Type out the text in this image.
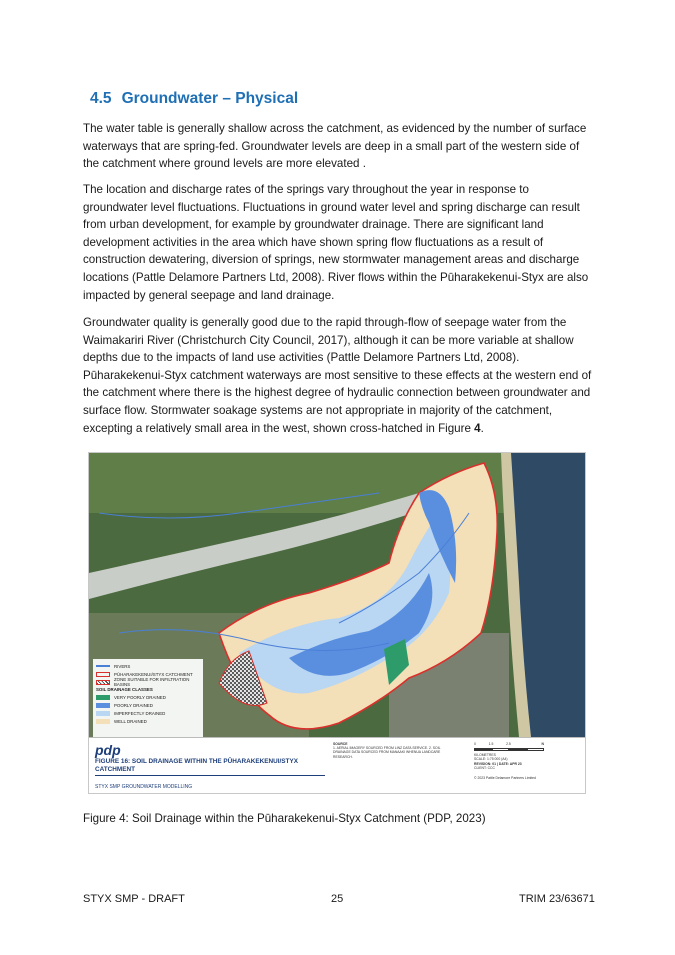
4.5 Groundwater – Physical

The water table is generally shallow across the catchment, as evidenced by the number of surface waterways that are spring-fed. Groundwater levels are deep in a small part of the western side of the catchment where ground levels are more elevated .

The location and discharge rates of the springs vary throughout the year in response to groundwater level fluctuations. Fluctuations in ground water level and spring discharge can result from urban development, for example by groundwater drainage. There are significant land development activities in the area which have shown spring flow fluctuations as a result of construction dewatering, diversion of springs, new stormwater management areas and discharge locations (Pattle Delamore Partners Ltd, 2008). River flows within the Pūharakekenui-Styx are also impacted by general seepage and land drainage.

Groundwater quality is generally good due to the rapid through-flow of seepage water from the Waimakariri River (Christchurch City Council, 2017), although it can be more variable at shallow depths due to the impacts of land use activities (Pattle Delamore Partners Ltd, 2008). Pūharakekenui-Styx catchment waterways are most sensitive to these effects at the western end of the catchment where there is the highest degree of hydraulic connection between groundwater and surface flow. Stormwater soakage systems are not appropriate in majority of the catchment, excepting a relatively small area in the west, shown cross-hatched in Figure 4.

RIVERS
PŪHARAKEKENUI/STYX CATCHMENT
ZONE SUITABLE FOR INFILTRATION BASINS
SOIL DRAINAGE CLASSES
VERY POORLY DRAINED
POORLY DRAINED
IMPERFECTLY DRAINED
WELL DRAINED
pdp
FIGURE 16: SOIL DRAINAGE WITHIN THE PŪHARAKEKENUI/STYX CATCHMENT
STYX SMP GROUNDWATER MODELLING
SOURCE
1. AERIAL IMAGERY SOURCED FROM LINZ DATA SERVICE. 2. SOIL DRAINAGE DATA SOURCED FROM MANAAKI WHENUA LANDCARE RESEARCH.
0	1.5	2.5	N
KILOMETRES
SCALE: 1:75 000 (A4)
REVISION: 01 | DATE: APR 23
CLIENT: CCC
© 2023 Pattle Delamore Partners Limited
Figure 4: Soil Drainage within the Pūharakekenui-Styx Catchment (PDP, 2023)
STYX SMP - DRAFT	25	TRIM 23/63671
